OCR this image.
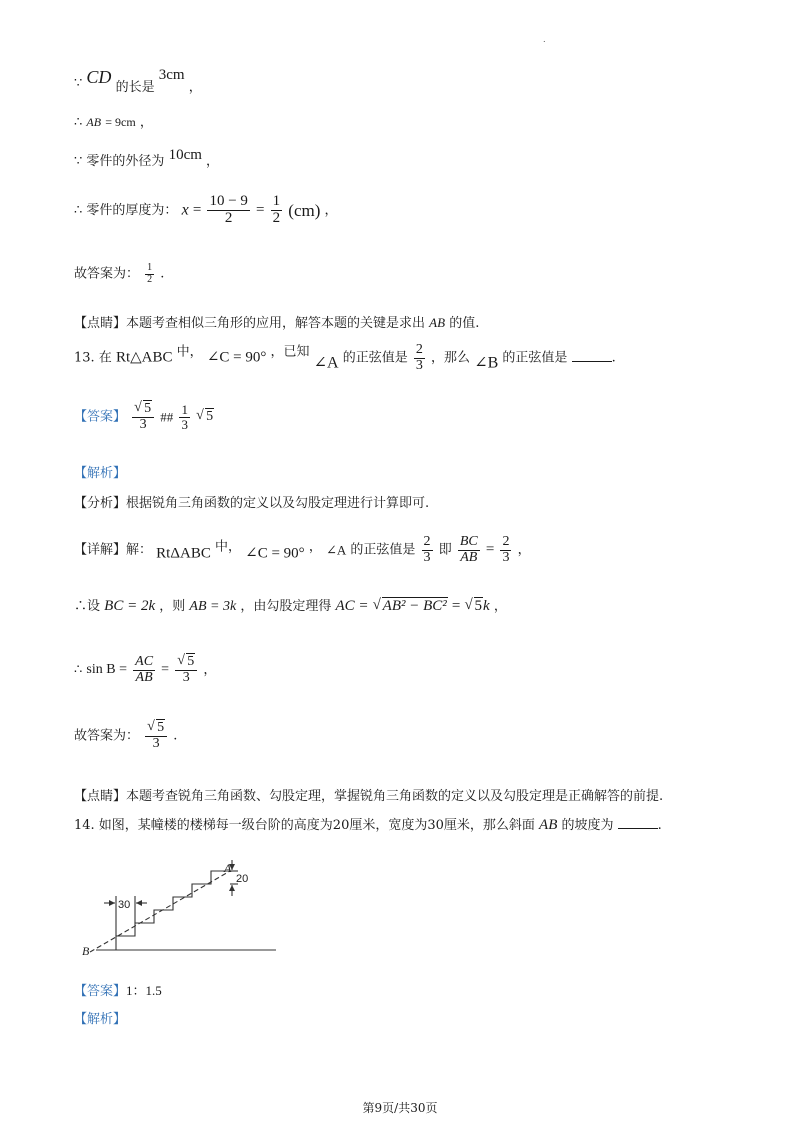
.
∵ CD 的长是 3cm ，
∴ AB = 9cm ，
∵ 零件的外径为 10cm ，
∴ 零件的厚度为： $x = \frac{10 - 9}{2} = \frac{1}{2} (cm)$ ，
故答案为： $\frac{1}{2}$ .
【点睛】本题考查相似三角形的应用，解答本题的关键是求出 AB 的值.
13. 在 Rt△ABC 中， ∠C = 90° ，已知 ∠A 的正弦值是 $\frac{2}{3}$ ，那么 ∠B 的正弦值是	.
【答案】 √ $\frac{5}{3}$ ## $\frac{1}{3}$ √ 5
【解析】
【分析】根据锐角三角函数的定义以及勾股定理进行计算即可.
【详解】解： RtΔABC 中， ∠C = 90° ， ∠A 的正弦值是 $\frac{2}{3}$ 即 $\frac{BC}{AB} = \frac{2}{3}$ ，
∴设 BC = 2k ，则 AB = 3k ，由勾股定理得 AC = √ AB² − BC² = √ 5k ，
∴ $\sin B = \frac{AC}{AB}$ = √ $\frac{5}{3}$ ，
故答案为： √ $\frac{5}{3}$ .
【点睛】本题考查锐角三角函数、勾股定理，掌握锐角三角函数的定义以及勾股定理是正确解答的前提.
14. 如图，某幢楼的楼梯每一级台阶的高度为20厘米，宽度为30厘米，那么斜面 AB 的坡度为	.
30
A
B
20
【答案】1：1.5
【解析】
第9页/共30页
